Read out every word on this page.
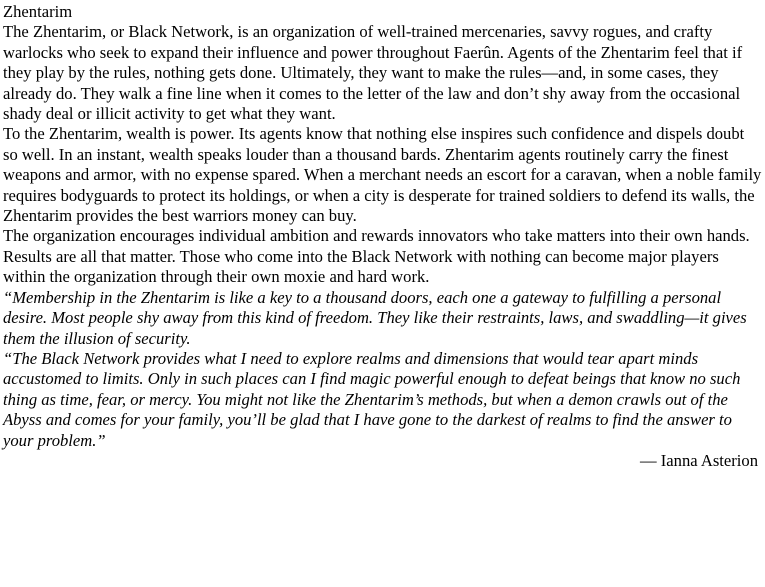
Zhentarim

The Zhentarim, or Black Network, is an organization of well-trained mercenaries, savvy rogues, and crafty warlocks who seek to expand their influence and power throughout Faerûn. Agents of the Zhentarim feel that if they play by the rules, nothing gets done. Ultimately, they want to make the rules—and, in some cases, they already do. They walk a fine line when it comes to the letter of the law and don’t shy away from the occasional shady deal or illicit activity to get what they want.

To the Zhentarim, wealth is power. Its agents know that nothing else inspires such confidence and dispels doubt so well. In an instant, wealth speaks louder than a thousand bards. Zhentarim agents routinely carry the finest weapons and armor, with no expense spared. When a merchant needs an escort for a caravan, when a noble family requires bodyguards to protect its holdings, or when a city is desperate for trained soldiers to defend its walls, the Zhentarim provides the best warriors money can buy.

The organization encourages individual ambition and rewards innovators who take matters into their own hands. Results are all that matter. Those who come into the Black Network with nothing can become major players within the organization through their own moxie and hard work.

“Membership in the Zhentarim is like a key to a thousand doors, each one a gateway to fulfilling a personal desire. Most people shy away from this kind of freedom. They like their restraints, laws, and swaddling—it gives them the illusion of security.

“The Black Network provides what I need to explore realms and dimensions that would tear apart minds accustomed to limits. Only in such places can I find magic powerful enough to defeat beings that know no such thing as time, fear, or mercy. You might not like the Zhentarim’s methods, but when a demon crawls out of the Abyss and comes for your family, you’ll be glad that I have gone to the darkest of realms to find the answer to your problem.”

— Ianna Asterion
